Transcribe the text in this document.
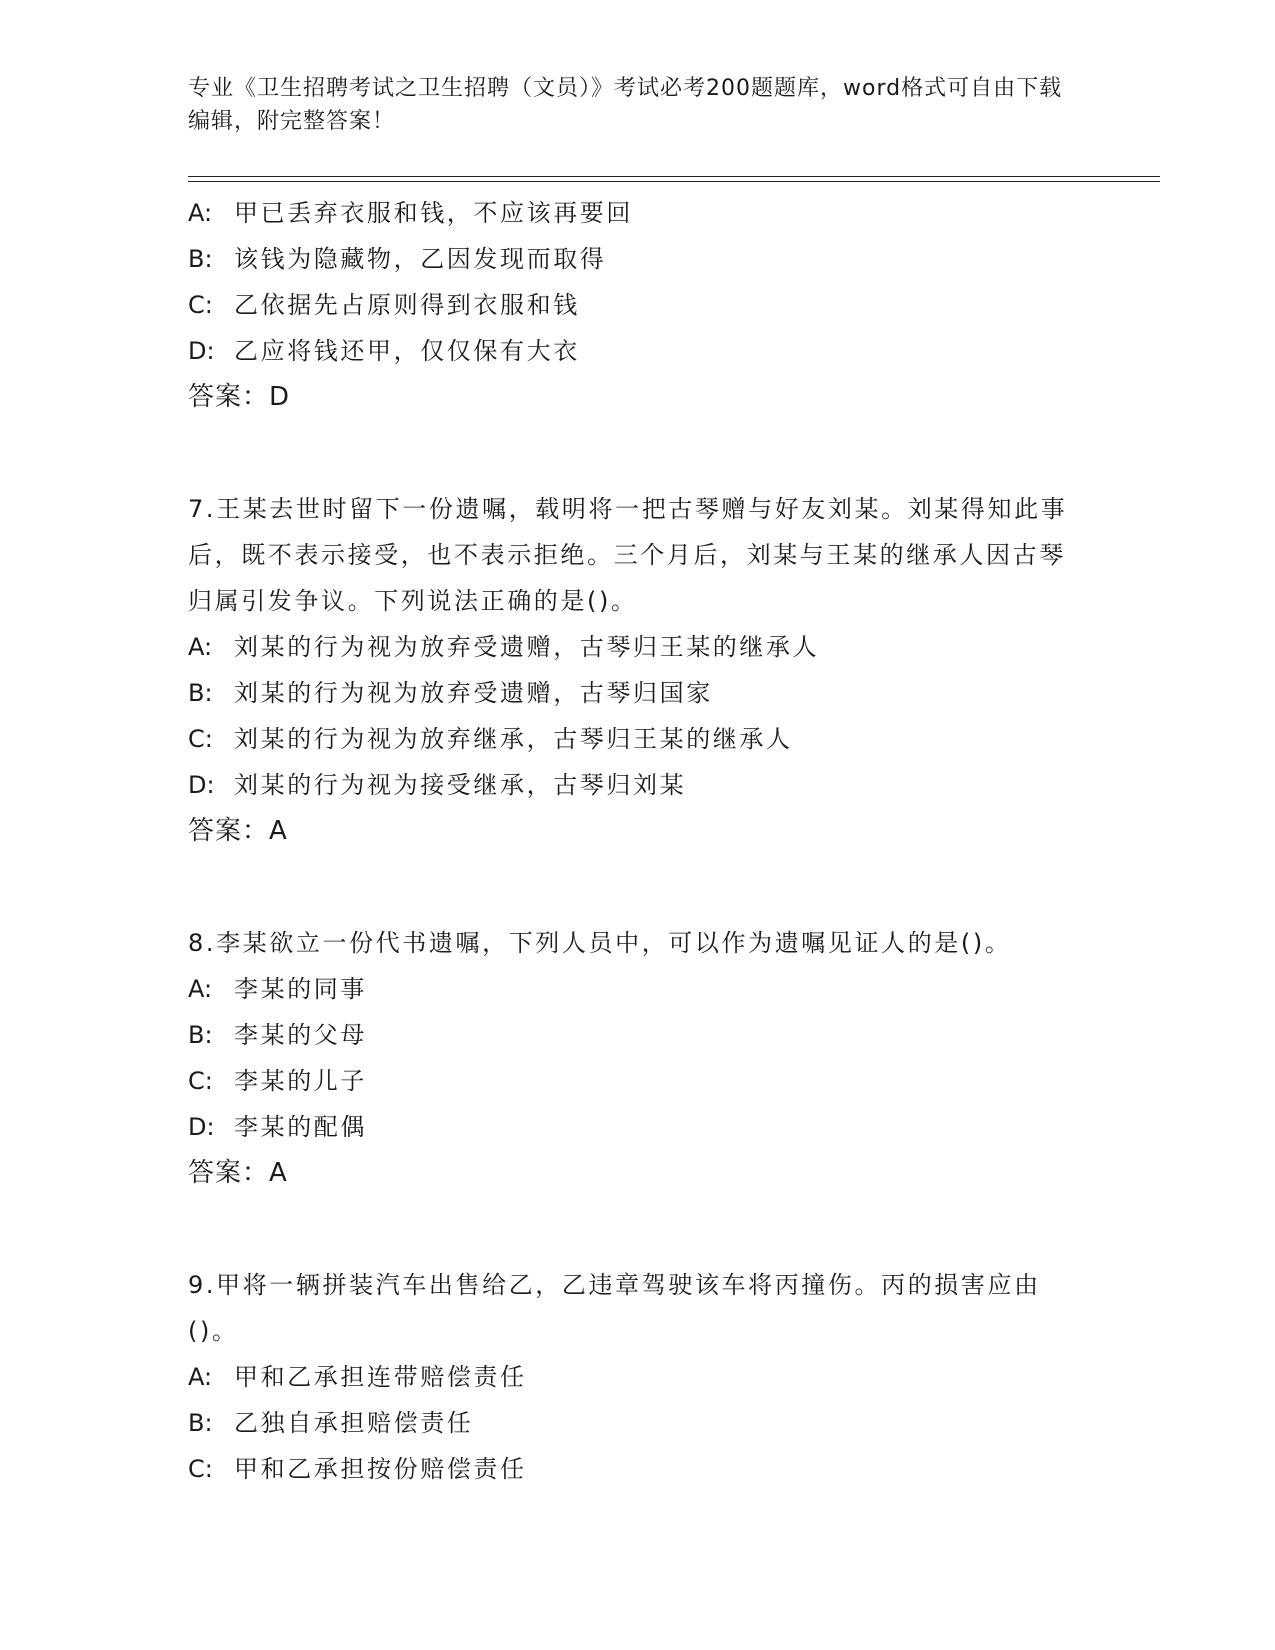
专业《卫生招聘考试之卫生招聘（文员）》考试必考200题题库，word格式可自由下载编辑，附完整答案！
A: 甲已丢弃衣服和钱，不应该再要回
B: 该钱为隐藏物，乙因发现而取得
C: 乙依据先占原则得到衣服和钱
D: 乙应将钱还甲，仅仅保有大衣
答案：D
7.王某去世时留下一份遗嘱，载明将一把古琴赠与好友刘某。刘某得知此事后，既不表示接受，也不表示拒绝。三个月后，刘某与王某的继承人因古琴归属引发争议。下列说法正确的是()。
A: 刘某的行为视为放弃受遗赠，古琴归王某的继承人
B: 刘某的行为视为放弃受遗赠，古琴归国家
C: 刘某的行为视为放弃继承，古琴归王某的继承人
D: 刘某的行为视为接受继承，古琴归刘某
答案：A
8.李某欲立一份代书遗嘱，下列人员中，可以作为遗嘱见证人的是()。
A: 李某的同事
B: 李某的父母
C: 李某的儿子
D: 李某的配偶
答案：A
9.甲将一辆拼装汽车出售给乙，乙违章驾驶该车将丙撞伤。丙的损害应由()。
A: 甲和乙承担连带赔偿责任
B: 乙独自承担赔偿责任
C: 甲和乙承担按份赔偿责任
